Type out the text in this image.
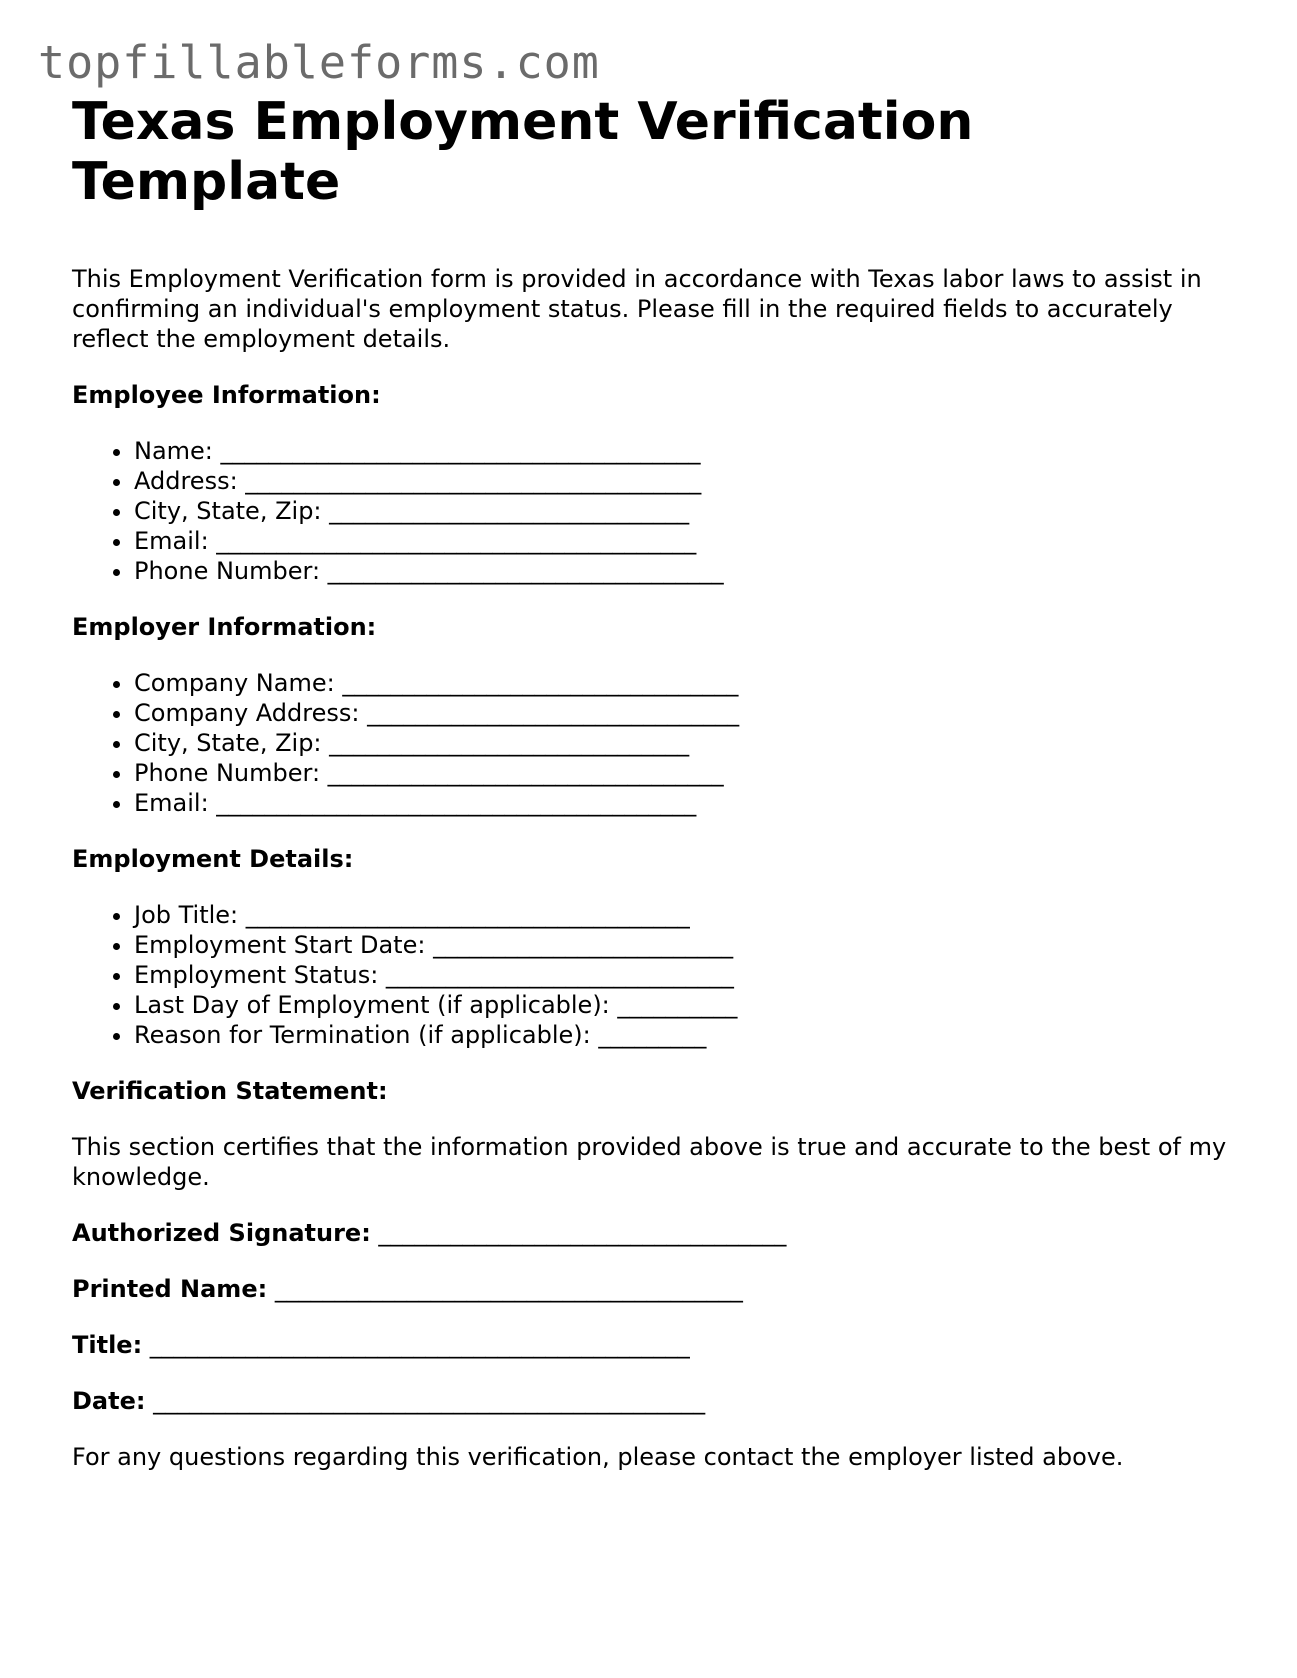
topfillableforms.com
Texas Employment Verification Template
This Employment Verification form is provided in accordance with Texas labor laws to assist in confirming an individual's employment status. Please fill in the required fields to accurately reflect the employment details.
Employee Information:
• Name: ________________________________________
• Address: ______________________________________
• City, State, Zip: ______________________________
• Email: ________________________________________
• Phone Number: _________________________________
Employer Information:
• Company Name: _________________________________
• Company Address: _______________________________
• City, State, Zip: ______________________________
• Phone Number: _________________________________
• Email: ________________________________________
Employment Details:
• Job Title: _____________________________________
• Employment Start Date: _________________________
• Employment Status: _____________________________
• Last Day of Employment (if applicable): __________
• Reason for Termination (if applicable): _________
Verification Statement:

This section certifies that the information provided above is true and accurate to the best of my knowledge.

Authorized Signature: __________________________________
Printed Name: _______________________________________
Title: _____________________________________________
Date: ______________________________________________
For any questions regarding this verification, please contact the employer listed above.
